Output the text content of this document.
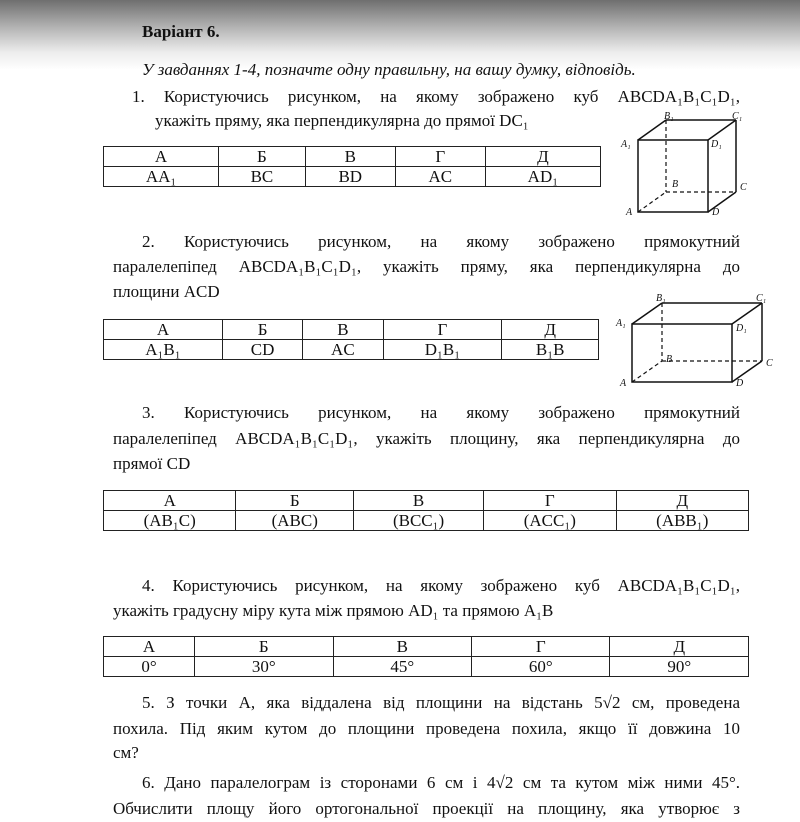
Варіант 6.
У завданнях 1-4, позначте одну правильну, на вашу думку, відповідь.
1. Користуючись рисунком, на якому зображено куб ABCDA₁B₁C₁D₁,
укажіть пряму, яка перпендикулярна до прямої DC₁
А	Б	В	Г	Д
AA₁	BC	BD	AC	AD₁
B₁	C₁
A₁	D₁
B	C
A	D
2. Користуючись рисунком, на якому зображено прямокутний
паралелепіпед ABCDA₁B₁C₁D₁, укажіть пряму, яка перпендикулярна до
площини ACD
А	Б	В	Г	Д
A₁B₁	CD	AC	D₁B₁	B₁B
B₁	C₁
A₁	D₁
B	C
A	D
3. Користуючись рисунком, на якому зображено прямокутний
паралелепіпед ABCDA₁B₁C₁D₁, укажіть площину, яка перпендикулярна до
прямої CD
А	Б	В	Г	Д
(AB₁C)	(ABC)	(BCC₁)	(ACC₁)	(ABB₁)
4. Користуючись рисунком, на якому зображено куб ABCDA₁B₁C₁D₁,
укажіть градусну міру кута між прямою AD₁ та прямою A₁B
А	Б	В	Г	Д
0°	30°	45°	60°	90°
5. З точки А, яка віддалена від площини на відстань 5√2 см, проведена
похила. Під яким кутом до площини проведена похила, якщо її довжина 10
см?
6. Дано паралелограм із сторонами 6 см і 4√2 см та кутом між ними 45°.
Обчислити площу його ортогональної проекції на площину, яка утворює з
